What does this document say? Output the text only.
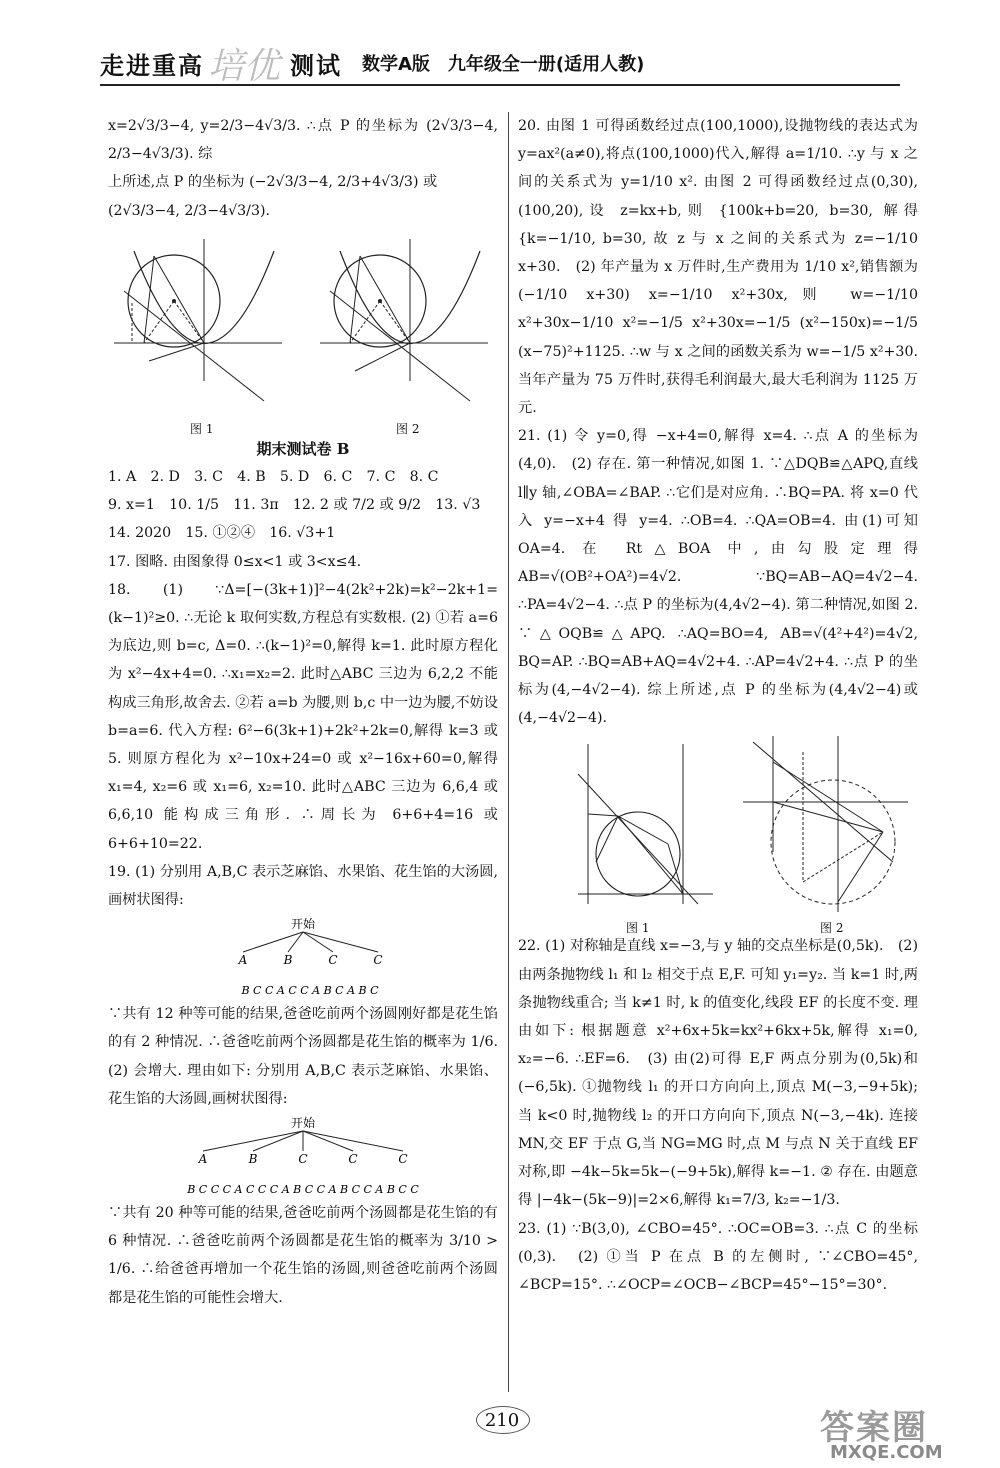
走进重高 培优 测试 数学A版　九年级全一册(适用人教)

x=2√3/3−4, y=2/3−4√3/3. ∴点 P 的坐标为 (2√3/3−4, 2/3−4√3/3). 综

上所述,点 P 的坐标为 (−2√3/3−4, 2/3+4√3/3) 或

(2√3/3−4, 2/3−4√3/3).

图 1	图 2

期末测试卷 B

1. A　2. D　3. C　4. B　5. D　6. C　7. C　8. C

9. x=1　10. 1/5　11. 3π　12. 2 或 7/2 或 9/2　13. √3

14. 2020　15. ①②④　16. √3+1

17. 图略. 由图象得 0≤x<1 或 3<x≤4.

18. (1) ∵Δ=[−(3k+1)]²−4(2k²+2k)=k²−2k+1=(k−1)²≥0. ∴无论 k 取何实数,方程总有实数根. (2) ①若 a=6 为底边,则 b=c, Δ=0. ∴(k−1)²=0,解得 k=1. 此时原方程化为 x²−4x+4=0. ∴x₁=x₂=2. 此时△ABC 三边为 6,2,2 不能构成三角形,故舍去. ②若 a=b 为腰,则 b,c 中一边为腰,不妨设 b=a=6. 代入方程: 6²−6(3k+1)+2k²+2k=0,解得 k=3 或 5. 则原方程化为 x²−10x+24=0 或 x²−16x+60=0,解得 x₁=4, x₂=6 或 x₁=6, x₂=10. 此时△ABC 三边为 6,6,4 或 6,6,10 能构成三角形. ∴周长为 6+6+4=16 或 6+6+10=22.

19. (1) 分别用 A,B,C 表示芝麻馅、水果馅、花生馅的大汤圆,画树状图得:

开始
A	B	C	C
B C C A C C A B C A B C

∵共有 12 种等可能的结果,爸爸吃前两个汤圆刚好都是花生馅的有 2 种情况. ∴爸爸吃前两个汤圆都是花生馅的概率为 1/6.　(2) 会增大. 理由如下: 分别用 A,B,C 表示芝麻馅、水果馅、花生馅的大汤圆,画树状图得:

开始
A	B	C	C	C
B C C C A C C C A B C C A B C C A B C C

∵共有 20 种等可能的结果,爸爸吃前两个汤圆都是花生馅的有 6 种情况. ∴爸爸吃前两个汤圆都是花生馅的概率为 3/10 > 1/6. ∴给爸爸再增加一个花生馅的汤圆,则爸爸吃前两个汤圆都是花生馅的可能性会增大.

20. 由图 1 可得函数经过点(100,1000),设抛物线的表达式为 y=ax²(a≠0),将点(100,1000)代入,解得 a=1/10. ∴y 与 x 之间的关系式为 y=1/10 x². 由图 2 可得函数经过点(0,30),(100,20),设 z=kx+b,则 {100k+b=20, b=30, 解得 {k=−1/10, b=30, 故 z 与 x 之间的关系式为 z=−1/10 x+30.　(2) 年产量为 x 万件时,生产费用为 1/10 x²,销售额为 (−1/10 x+30) x=−1/10 x²+30x,则 w=−1/10 x²+30x−1/10 x²=−1/5 x²+30x=−1/5 (x²−150x)=−1/5 (x−75)²+1125. ∴w 与 x 之间的函数关系为 w=−1/5 x²+30. 当年产量为 75 万件时,获得毛利润最大,最大毛利润为 1125 万元.

21. (1) 令 y=0,得 −x+4=0,解得 x=4. ∴点 A 的坐标为 (4,0).　(2) 存在. 第一种情况,如图 1. ∵△DQB≌△APQ,直线 l∥y 轴,∠OBA=∠BAP. ∴它们是对应角. ∴BQ=PA. 将 x=0 代入 y=−x+4 得 y=4. ∴OB=4. ∴QA=OB=4. 由(1)可知 OA=4. 在 Rt△BOA 中,由勾股定理得 AB=√(OB²+OA²)=4√2. ∵BQ=AB−AQ=4√2−4. ∴PA=4√2−4. ∴点 P 的坐标为(4,4√2−4). 第二种情况,如图 2. ∵△OQB≌△APQ. ∴AQ=BO=4, AB=√(4²+4²)=4√2, BQ=AP. ∴BQ=AB+AQ=4√2+4. ∴AP=4√2+4. ∴点 P 的坐标为(4,−4√2−4). 综上所述,点 P 的坐标为(4,4√2−4)或(4,−4√2−4).

图 1	图 2

22. (1) 对称轴是直线 x=−3,与 y 轴的交点坐标是(0,5k).　(2) 由两条抛物线 l₁ 和 l₂ 相交于点 E,F. 可知 y₁=y₂. 当 k=1 时,两条抛物线重合; 当 k≠1 时, k 的值变化,线段 EF 的长度不变. 理由如下: 根据题意 x²+6x+5k=kx²+6kx+5k,解得 x₁=0, x₂=−6. ∴EF=6.　(3) 由(2)可得 E,F 两点分别为(0,5k)和(−6,5k). ①抛物线 l₁ 的开口方向向上,顶点 M(−3,−9+5k); 当 k<0 时,抛物线 l₂ 的开口方向向下,顶点 N(−3,−4k). 连接 MN,交 EF 于点 G,当 NG=MG 时,点 M 与点 N 关于直线 EF 对称,即 −4k−5k=5k−(−9+5k),解得 k=−1. ② 存在. 由题意得 |−4k−(5k−9)|=2×6,解得 k₁=7/3, k₂=−1/3.

23. (1) ∵B(3,0), ∠CBO=45°. ∴OC=OB=3. ∴点 C 的坐标(0,3).　(2) ①当 P 在点 B 的左侧时, ∵∠CBO=45°, ∠BCP=15°. ∴∠OCP=∠OCB−∠BCP=45°−15°=30°.

210	答案圈
MXQE.COM
